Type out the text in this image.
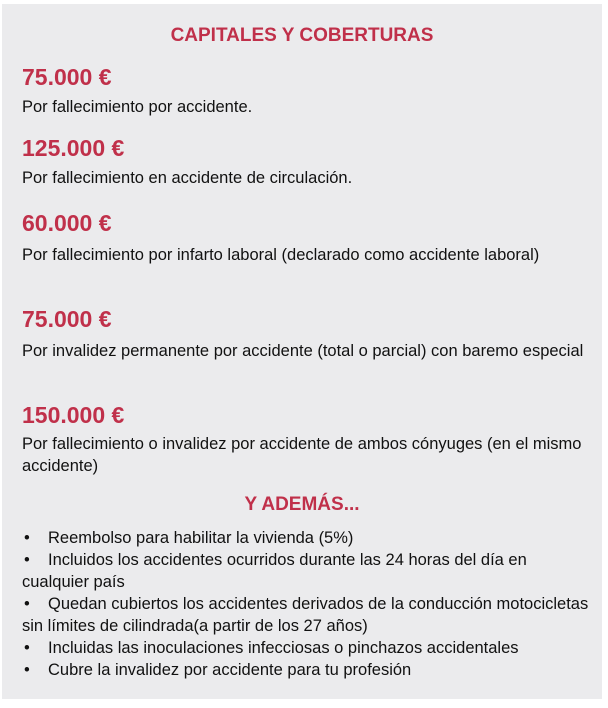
CAPITALES Y COBERTURAS
75.000 €
Por fallecimiento por accidente.
125.000 €
Por fallecimiento en accidente de circulación.
60.000 €
Por fallecimiento por infarto laboral (declarado como accidente laboral)
75.000 €
Por invalidez permanente por accidente (total o parcial) con baremo especial
150.000 €
Por fallecimiento o invalidez por accidente de ambos cónyuges (en el mismo accidente)
Y ADEMÁS...
• Reembolso para habilitar la vivienda (5%)
• Incluidos los accidentes ocurridos durante las 24 horas del día en cualquier país
• Quedan cubiertos los accidentes derivados de la conducción motocicletas sin límites de cilindrada(a partir de los 27 años)
• Incluidas las inoculaciones infecciosas o pinchazos accidentales
• Cubre la invalidez por accidente para tu profesión
